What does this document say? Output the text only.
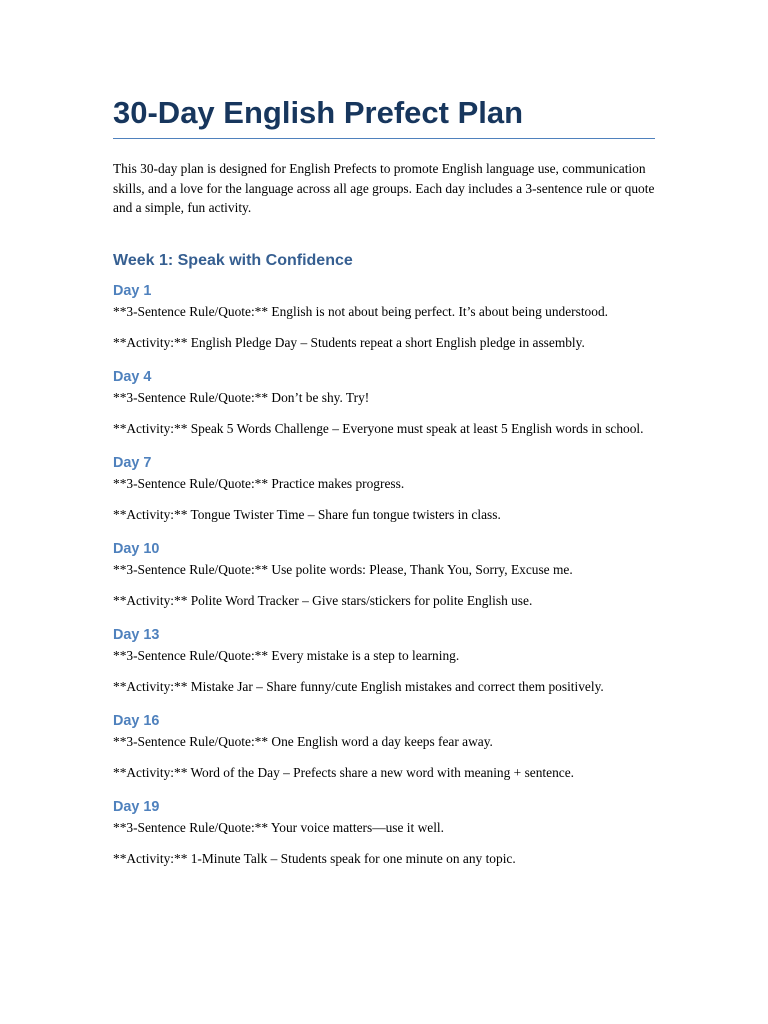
30-Day English Prefect Plan

This 30-day plan is designed for English Prefects to promote English language use, communication skills, and a love for the language across all age groups. Each day includes a 3-sentence rule or quote and a simple, fun activity.

Week 1: Speak with Confidence
Day 1

**3-Sentence Rule/Quote:** English is not about being perfect. It’s about being understood.

**Activity:** English Pledge Day – Students repeat a short English pledge in assembly.

Day 4

**3-Sentence Rule/Quote:** Don’t be shy. Try!

**Activity:** Speak 5 Words Challenge – Everyone must speak at least 5 English words in school.

Day 7

**3-Sentence Rule/Quote:** Practice makes progress.

**Activity:** Tongue Twister Time – Share fun tongue twisters in class.

Day 10

**3-Sentence Rule/Quote:** Use polite words: Please, Thank You, Sorry, Excuse me.

**Activity:** Polite Word Tracker – Give stars/stickers for polite English use.

Day 13

**3-Sentence Rule/Quote:** Every mistake is a step to learning.

**Activity:** Mistake Jar – Share funny/cute English mistakes and correct them positively.

Day 16

**3-Sentence Rule/Quote:** One English word a day keeps fear away.

**Activity:** Word of the Day – Prefects share a new word with meaning + sentence.

Day 19

**3-Sentence Rule/Quote:** Your voice matters—use it well.

**Activity:** 1-Minute Talk – Students speak for one minute on any topic.
